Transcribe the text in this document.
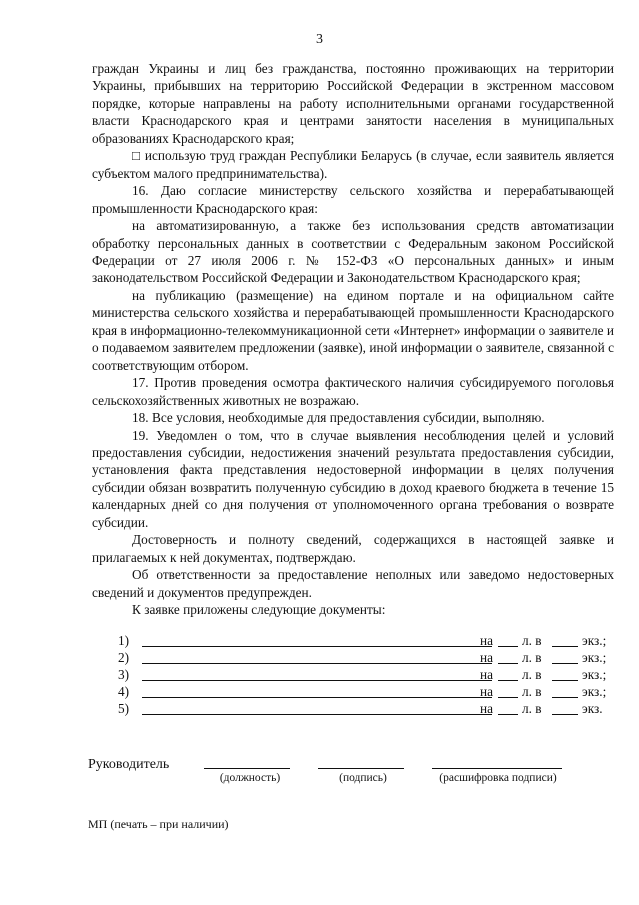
3

граждан Украины и лиц без гражданства, постоянно проживающих на территории Украины, прибывших на территорию Российской Федерации в экстренном массовом порядке, которые направлены на работу исполнительными органами государственной власти Краснодарского края и центрами занятости населения в муниципальных образованиях Краснодарского края;

□ использую труд граждан Республики Беларусь (в случае, если заявитель является субъектом малого предпринимательства).

16. Даю согласие министерству сельского хозяйства и перерабатывающей промышленности Краснодарского края:

на автоматизированную, а также без использования средств автоматизации обработку персональных данных в соответствии с Федеральным законом Российской Федерации от 27 июля 2006 г. № 152-ФЗ «О персональных данных» и иным законодательством Российской Федерации и Законодательством Краснодарского края;

на публикацию (размещение) на едином портале и на официальном сайте министерства сельского хозяйства и перерабатывающей промышленности Краснодарского края в информационно-телекоммуникационной сети «Интернет» информации о заявителе и о подаваемом заявителем предложении (заявке), иной информации о заявителе, связанной с соответствующим отбором.

17. Против проведения осмотра фактического наличия субсидируемого поголовья сельскохозяйственных животных не возражаю.

18. Все условия, необходимые для предоставления субсидии, выполняю.

19. Уведомлен о том, что в случае выявления несоблюдения целей и условий предоставления субсидии, недостижения значений результата предоставления субсидии, установления факта представления недостоверной информации в целях получения субсидии обязан возвратить полученную субсидию в доход краевого бюджета в течение 15 календарных дней со дня получения от уполномоченного органа требования о возврате субсидии.

Достоверность и полноту сведений, содержащихся в настоящей заявке и прилагаемых к ней документах, подтверждаю.

Об ответственности за предоставление неполных или заведомо недостоверных сведений и документов предупрежден.

К заявке приложены следующие документы:

1)	на л. в	экз.;
2)	на л. в	экз.;
3)	на л. в	экз.;
4)	на л. в	экз.;
5)	на л. в	экз.
Руководитель
(должность)	(подпись)	(расшифровка подписи)
МП (печать – при наличии)
